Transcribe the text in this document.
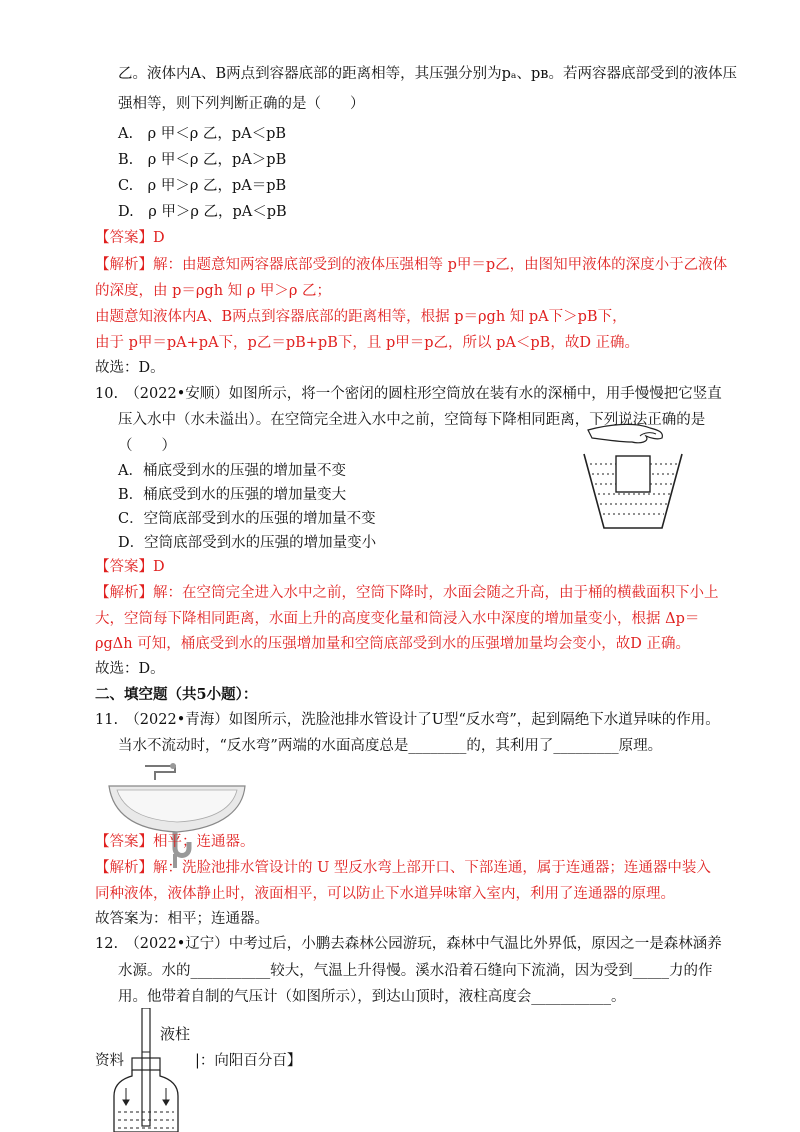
乙。液体内A、B两点到容器底部的距离相等，其压强分别为pₐ、pʙ。若两容器底部受到的液体压
强相等，则下列判断正确的是（　　）
A.　ρ 甲＜ρ 乙，pA＜pB
B.　ρ 甲＜ρ 乙，pA＞pB
C.　ρ 甲＞ρ 乙，pA＝pB
D.　ρ 甲＞ρ 乙，pA＜pB
【答案】D
【解析】解：由题意知两容器底部受到的液体压强相等 p甲＝p乙，由图知甲液体的深度小于乙液体
的深度，由 p＝ρgh 知 ρ 甲＞ρ 乙；
由题意知液体内A、B两点到容器底部的距离相等，根据 p＝ρgh 知 pA下＞pB下，
由于 p甲＝pA+pA下，p乙＝pB+pB下，且 p甲＝p乙，所以 pA＜pB，故D 正确。
故选：D。
10.　（2022•安顺）如图所示，将一个密闭的圆柱形空筒放在装有水的深桶中，用手慢慢把它竖直
压入水中（水未溢出）。在空筒完全进入水中之前，空筒每下降相同距离，下列说法正确的是
（　　）
A．桶底受到水的压强的增加量不变
B．桶底受到水的压强的增加量变大
C．空筒底部受到水的压强的增加量不变
D．空筒底部受到水的压强的增加量变小
【答案】D
【解析】解：在空筒完全进入水中之前，空筒下降时，水面会随之升高，由于桶的横截面积下小上
大，空筒每下降相同距离，水面上升的高度变化量和筒浸入水中深度的增加量变小，根据 Δp＝
ρgΔh 可知，桶底受到水的压强增加量和空筒底部受到水的压强增加量均会变小，故D 正确。
故选：D。
二、填空题（共5小题）：
11.　（2022•青海）如图所示，洗脸池排水管设计了U型“反水弯”，起到隔绝下水道异味的作用。
当水不流动时，“反水弯”两端的水面高度总是________的，其利用了_________原理。
【答案】相平；连通器。
【解析】解：洗脸池排水管设计的 U 型反水弯上部开口、下部连通，属于连通器；连通器中装入
同种液体，液体静止时，液面相平，可以防止下水道异味窜入室内，利用了连通器的原理。
故答案为：相平；连通器。
12.　（2022•辽宁）中考过后，小鹏去森林公园游玩，森林中气温比外界低，原因之一是森林涵养
水源。水的___________较大，气温上升得慢。溪水沿着石缝向下流淌，因为受到_____力的作
用。他带着自制的气压计（如图所示），到达山顶时，液柱高度会___________。
液柱
资料	|：向阳百分百】
